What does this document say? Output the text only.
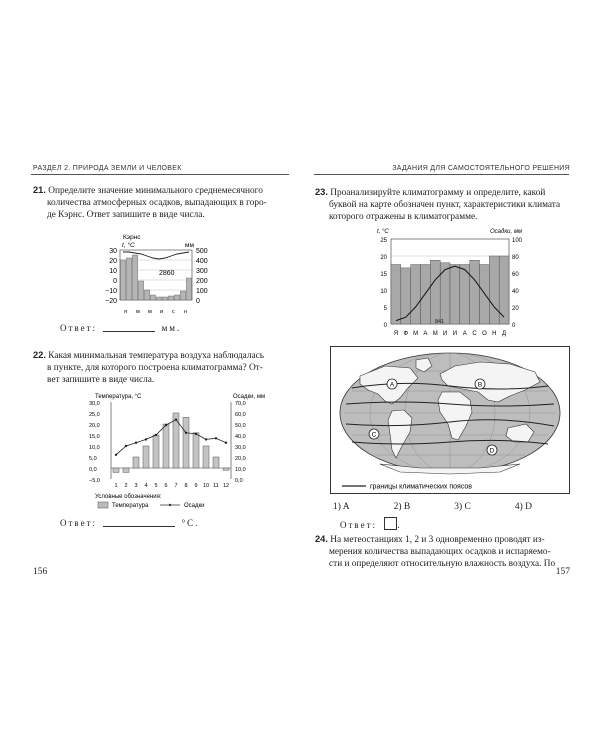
РАЗДЕЛ 2. ПРИРОДА ЗЕМЛИ И ЧЕЛОВЕК	ЗАДАНИЯ ДЛЯ САМОСТОЯТЕЛЬНОГО РЕШЕНИЯ
21. Определите значение минимального среднемесячного
количества атмосферных осадков, выпадающих в горо-
де Кэрнс. Ответ запишите в виде числа.
Кэрнс
t, °C	мм
2860
30
20
10
0
−10
−20
500
400
300
200
100
0
я м м и с н
Ответ:	мм.
22. Какая минимальная температура воздуха наблюдалась
в пункте, для которого построена климатограмма? От-
вет запишите в виде числа.
Температура, °C	Осадки, мм
30,0
25,0
20,0
15,0
10,0
5,0
0,0
−5,0
70,0
60,0
50,0
40,0
30,0
20,0
10,0
0,0
1 2 3 4 5 6 7 8 9 10 11 12
Условные обозначения:
Температура	Осадки
Ответ:	°С.
23. Проанализируйте климатограмму и определите, какой
буквой на карте обозначен пункт, характеристики климата
которого отражены в климатограмме.
t, °C	Осадки, мм
841
25
20
15
10
5
0
100
80
60
40
20
0
Я Ф М А М И И А С О Н Д
A	B
C
D
границы климатических поясов
1) A	2) B	3) C	4) D
Ответ: .
24. На метеостанциях 1, 2 и 3 одновременно проводят из-
мерения количества выпадающих осадков и испаряемо-
сти и определяют относительную влажность воздуха. По
156	157
